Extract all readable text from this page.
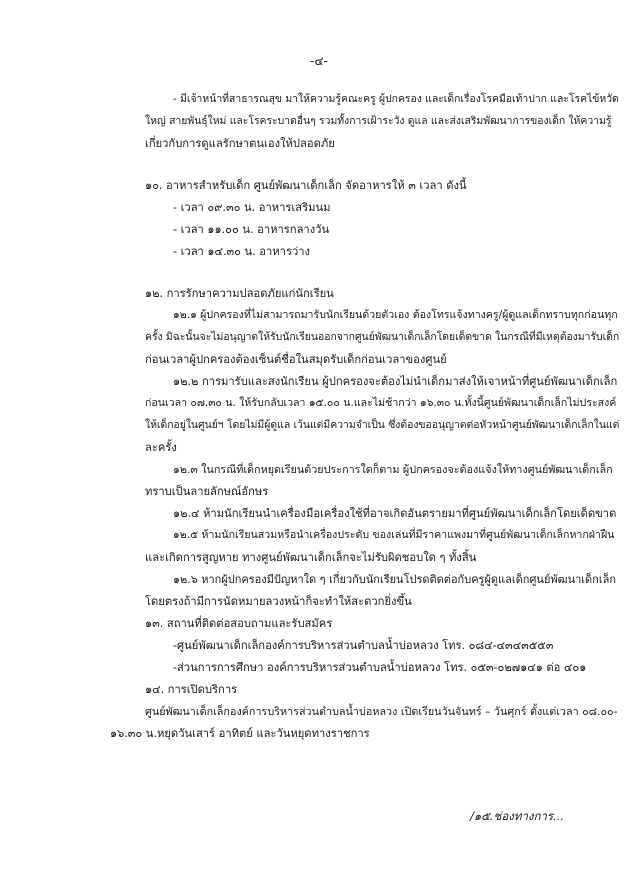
-๔-
- มีเจ้าหน้าที่สาธารณสุข มาให้ความรู้คณะครู ผู้ปกครอง และเด็กเรื่องโรคมือเท้าปาก และโรคไข้หวัด
ใหญ่ สายพันธุ์ใหม่ และโรคระบาดอื่นๆ รวมทั้งการเฝ้าระวัง ดูแล และส่งเสริมพัฒนาการของเด็ก ให้ความรู้
เกี่ยวกับการดูแลรักษาตนเองให้ปลอดภัย
๑๐. อาหารสำหรับเด็ก ศูนย์พัฒนาเด็กเล็ก จัดอาหารให้ ๓ เวลา ดังนี้
- เวลา ๐๙.๓๐ น. อาหารเสริมนม
- เวลา ๑๑.๐๐ น. อาหารกลางวัน
- เวลา ๑๔.๓๐ น. อาหารว่าง
๑๒. การรักษาความปลอดภัยแก่นักเรียน
๑๒.๑ ผู้ปกครองที่ไม่สามารถมารับนักเรียนด้วยตัวเอง ต้องโทรแจ้งทางครู/ผู้ดูแลเด็กทราบทุกก่อนทุก
ครั้ง มิฉะนั้นจะไม่อนุญาตให้รับนักเรียนออกจากศูนย์พัฒนาเด็กเล็กโดยเด็ดขาด ในกรณีที่มีเหตุต้องมารับเด็ก
ก่อนเวลาผู้ปกครองต้องเซ็นต์ชื่อในสมุดรับเด็กก่อนเวลาของศูนย์
๑๒.๒ การมารับและสงนักเรียน ผู้ปกครองจะต้องไม่นำเด็กมาส่งให้เจาหน้าที่ศูนย์พัฒนาเด็กเล็ก
ก่อนเวลา ๐๗.๓๐ น. ให้รับกลับเวลา ๑๕.๐๐ น.และไม่ช้ากว่า ๑๖.๓๐ น.ทั้งนี้ศูนย์พัฒนาเด็กเล็กไม่ประสงค์
ให้เด็กอยู่ในศูนย์ฯ โดยไม่มีผู้ดูแล เว้นแต่มีความจำเป็น ซึ่งต้องขออนุญาตต่อหัวหน้าศูนย์พัฒนาเด็กเล็กในแต่
ละครั้ง
๑๒.๓ ในกรณีที่เด็กหยุดเรียนด้วยประการใดก็ตาม ผู้ปกครองจะต้องแจ้งให้ทางศูนย์พัฒนาเด็กเล็ก
ทราบเป็นลายลักษณ์อักษร
๑๒.๔ ห้ามนักเรียนนำเครื่องมือเครื่องใช้ที่อาจเกิดอันตรายมาที่ศูนย์พัฒนาเด็กเล็กโดยเด็ดขาด
๑๒.๕ ห้ามนักเรียนสวมหรือนำเครื่องประดับ ของเล่นที่มีราคาแพงมาที่ศูนย์พัฒนาเด็กเล็กหากฝ่าฝืน
และเกิดการสูญหาย ทางศูนย์พัฒนาเด็กเล็กจะไม่รับผิดชอบใด ๆ ทั้งสิ้น
๑๒.๖ หากผู้ปกครองมีปัญหาใด ๆ เกี่ยวกับนักเรียนโปรดติดต่อกับครูผู้ดูแลเด็กศูนย์พัฒนาเด็กเล็ก
โดยตรงถ้ามีการนัดหมายลวงหน้าก็จะทำให้สะดวกยิ่งขึ้น
๑๓. สถานที่ติดต่อสอบถามและรับสมัคร
-ศูนย์พัฒนาเด็กเล็กองค์การบริหารส่วนตำบลน้ำบ่อหลวง โทร. ๐๘๔-๔๓๔๓๕๕๓
-ส่วนการการศึกษา องค์การบริหารส่วนตำบลน้ำบ่อหลวง โทร. ๐๕๓-๐๒๗๑๔๑ ต่อ ๔๐๑
๑๔. การเปิดบริการ
ศูนย์พัฒนาเด็กเล็กองค์การบริหารส่วนตำบลน้ำบ่อหลวง เปิดเรียนวันจันทร์ – วันศุกร์ ตั้งแต่เวลา ๐๘.๐๐-
๑๖.๓๐ น.หยุดวันเสาร์ อาทิตย์ และวันหยุดทางราชการ
/๑๕.ช่องทางการ...
